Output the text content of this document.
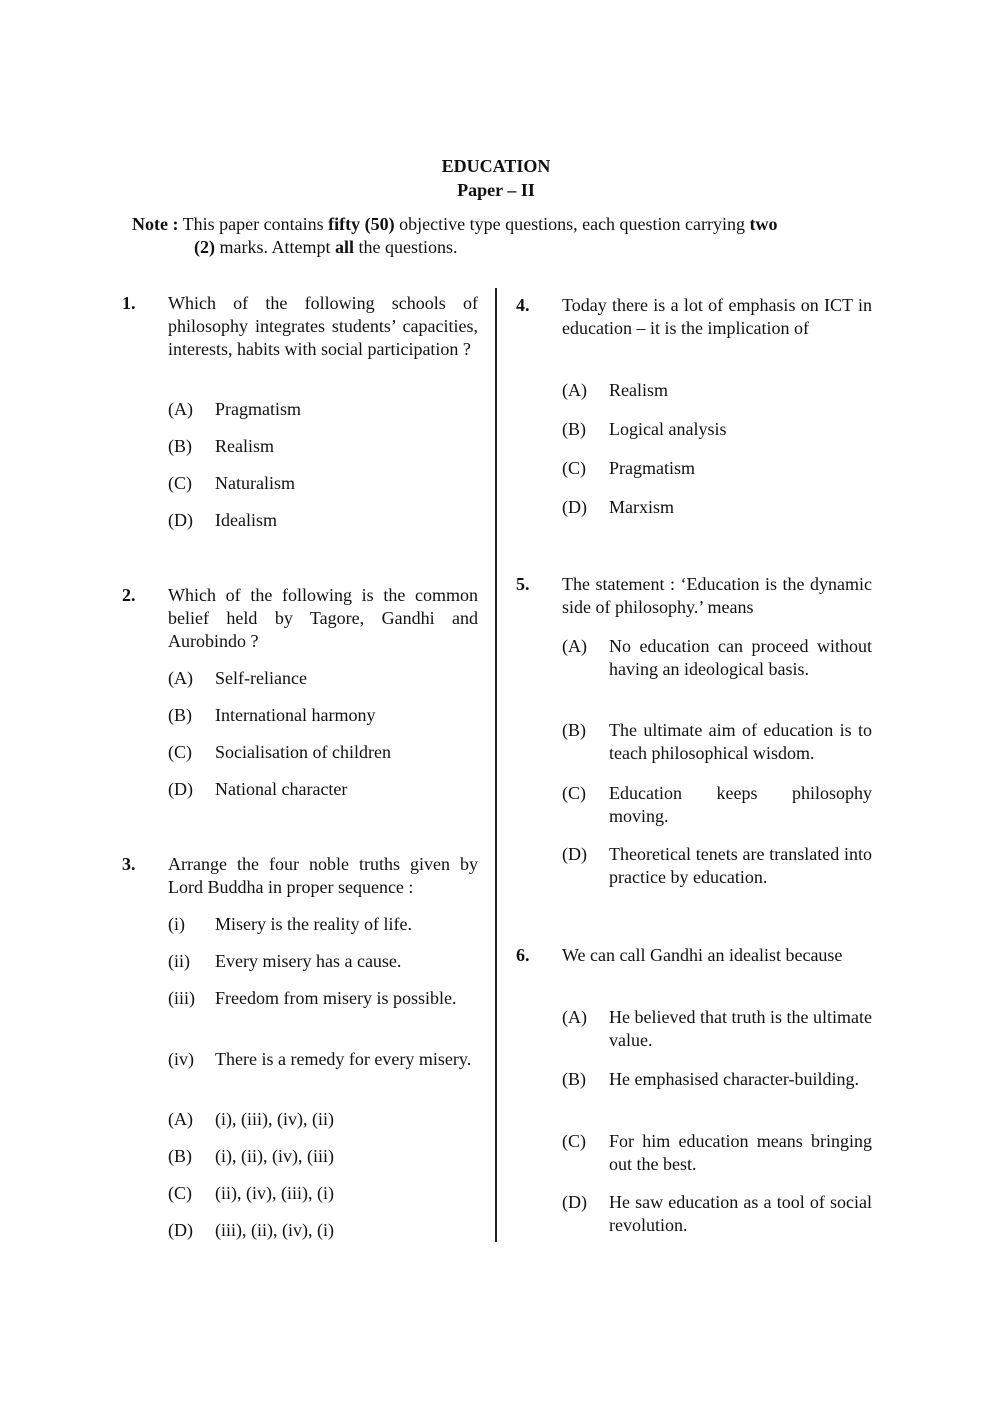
EDUCATION
Paper – II
Note : This paper contains fifty (50) objective type questions, each question carrying two
(2) marks. Attempt all the questions.
1. Which of the following schools of philosophy integrates students’ capacities, interests, habits with social participation ?
(A) Pragmatism
(B) Realism
(C) Naturalism
(D) Idealism
2. Which of the following is the common belief held by Tagore, Gandhi and Aurobindo ?
(A) Self-reliance
(B) International harmony
(C) Socialisation of children
(D) National character
3. Arrange the four noble truths given by Lord Buddha in proper sequence :
(i) Misery is the reality of life.
(ii) Every misery has a cause.
(iii) Freedom from misery is possible.
(iv) There is a remedy for every misery.
(A) (i), (iii), (iv), (ii)
(B) (i), (ii), (iv), (iii)
(C) (ii), (iv), (iii), (i)
(D) (iii), (ii), (iv), (i)
4. Today there is a lot of emphasis on ICT in education – it is the implication of
(A) Realism
(B) Logical analysis
(C) Pragmatism
(D) Marxism
5. The statement : ‘Education is the dynamic side of philosophy.’ means
(A) No education can proceed without having an ideological basis.
(B) The ultimate aim of education is to teach philosophical wisdom.
(C) Education keeps philosophy moving.
(D) Theoretical tenets are translated into practice by education.
6. We can call Gandhi an idealist because
(A) He believed that truth is the ultimate value.
(B) He emphasised character-building.
(C) For him education means bringing out the best.
(D) He saw education as a tool of social revolution.
